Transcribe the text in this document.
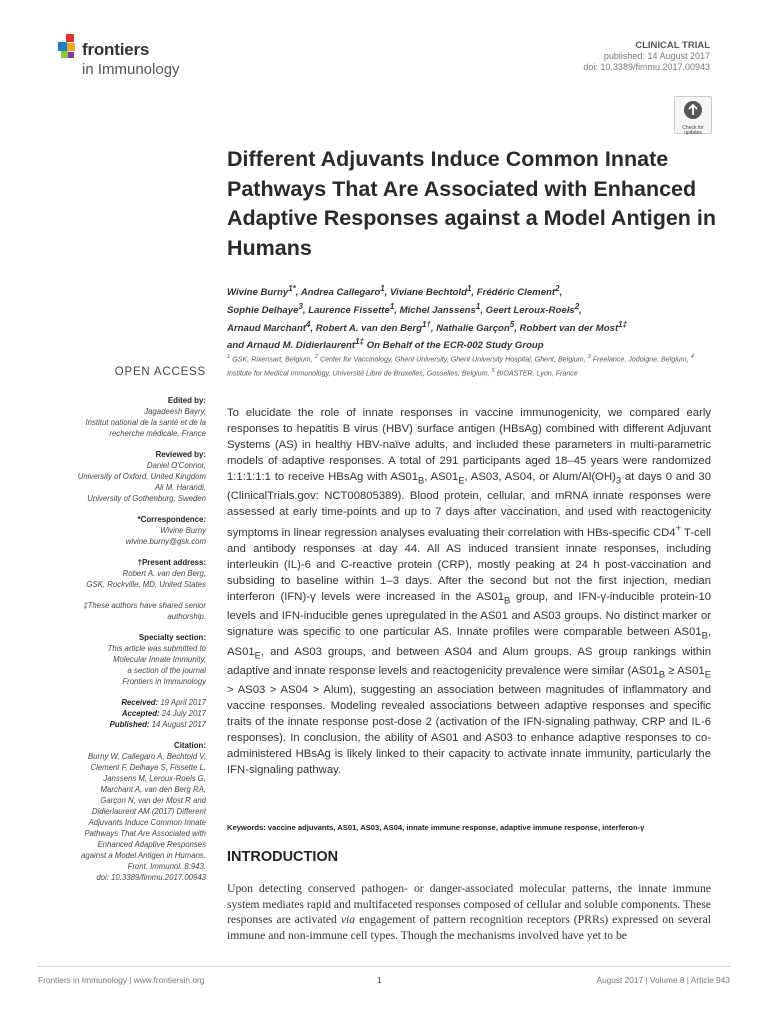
frontiers
in Immunology
CLINICAL TRIAL
published: 14 August 2017
doi: 10.3389/fimmu.2017.00943
Check for
updates
Different Adjuvants Induce Common Innate Pathways That Are Associated with Enhanced Adaptive Responses against a Model Antigen in Humans
Wivine Burny$^{1*}$, Andrea Callegaro$^1$, Viviane Bechtold$^1$, Frédéric Clement$^2$,
Sophie Delhaye$^3$, Laurence Fissette$^1$, Michel Janssens$^1$, Geert Leroux-Roels$^2$,
Arnaud Marchant$^4$, Robert A. van den Berg$^{1\dagger}$, Nathalie Garçon$^5$, Robbert van der Most$^{1\ddagger}$
and Arnaud M. Didierlaurent$^{1\ddagger}$ On Behalf of the ECR-002 Study Group
$^1$ GSK, Rixensart, Belgium, $^2$ Center for Vaccinology, Ghent University, Ghent University Hospital, Ghent, Belgium, $^3$ Freelance, Jodoigne, Belgium, $^4$ Institute for Medical Immunology, Université Libre de Bruxelles, Gosselies, Belgium, $^5$ BIOASTER, Lyon, France
OPEN ACCESS
Edited by:
Jagadeesh Bayry,
Institut national de la santé et de la
recherche médicale, France
Reviewed by:
Daniel O'Connor,
University of Oxford, United Kingdom
Ali M. Harandi,
University of Gothenburg, Sweden
*Correspondence:
Wivine Burny
wivine.burny@gsk.com
†Present address:
Robert A. van den Berg,
GSK, Rockville, MD, United States
‡These authors have shared senior
authorship.
Specialty section:
This article was submitted to
Molecular Innate Immunity,
a section of the journal
Frontiers in Immunology
Received: 19 April 2017
Accepted: 24 July 2017
Published: 14 August 2017
Citation:
Burny W, Callegaro A, Bechtold V,
Clement F, Delhaye S, Fissette L,
Janssens M, Leroux-Roels G,
Marchant A, van den Berg RA,
Garçon N, van der Most R and
Didierlaurent AM (2017) Different
Adjuvants Induce Common Innate
Pathways That Are Associated with
Enhanced Adaptive Responses
against a Model Antigen in Humans.
Front. Immunol. 8:943.
doi: 10.3389/fimmu.2017.00943

To elucidate the role of innate responses in vaccine immunogenicity, we compared early responses to hepatitis B virus (HBV) surface antigen (HBsAg) combined with different Adjuvant Systems (AS) in healthy HBV-naïve adults, and included these parameters in multi-parametric models of adaptive responses. A total of 291 participants aged 18–45 years were randomized 1:1:1:1:1 to receive HBsAg with $AS01_B$, $AS01_E$, AS03, AS04, or Alum/$Al(OH)_3$ at days 0 and 30 (ClinicalTrials.gov: NCT00805389). Blood protein, cellular, and mRNA innate responses were assessed at early time-points and up to 7 days after vaccination, and used with reactogenicity symptoms in linear regression analyses evaluating their correlation with HBs-specific CD4+ T-cell and antibody responses at day 44. All AS induced transient innate responses, including interleukin (IL)-6 and C-reactive protein (CRP), mostly peaking at 24 h post-vaccination and subsiding to baseline within 1–3 days. After the second but not the first injection, median interferon (IFN)-γ levels were increased in the $AS01_B$ group, and IFN-γ-inducible protein-10 levels and IFN-inducible genes upregulated in the AS01 and AS03 groups. No distinct marker or signature was specific to one particular AS. Innate profiles were comparable between $AS01_B$, $AS01_E$, and AS03 groups, and between AS04 and Alum groups. AS group rankings within adaptive and innate response levels and reactogenicity prevalence were similar ($AS01_B \ge AS01_E > AS03 > AS04$ > Alum), suggesting an association between magnitudes of inflammatory and vaccine responses. Modeling revealed associations between adaptive responses and specific traits of the innate response post-dose 2 (activation of the IFN-signaling pathway, CRP and IL-6 responses). In conclusion, the ability of AS01 and AS03 to enhance adaptive responses to co-administered HBsAg is likely linked to their capacity to activate innate immunity, particularly the IFN-signaling pathway.

Keywords: vaccine adjuvants, AS01, AS03, AS04, innate immune response, adaptive immune response, interferon-γ
INTRODUCTION

Upon detecting conserved pathogen- or danger-associated molecular patterns, the innate immune system mediates rapid and multifaceted responses composed of cellular and soluble components. These responses are activated via engagement of pattern recognition receptors (PRRs) expressed on several immune and non-immune cell types. Though the mechanisms involved have yet to be

Frontiers in Immunology | www.frontiersin.org	1	August 2017 | Volume 8 | Article 943
